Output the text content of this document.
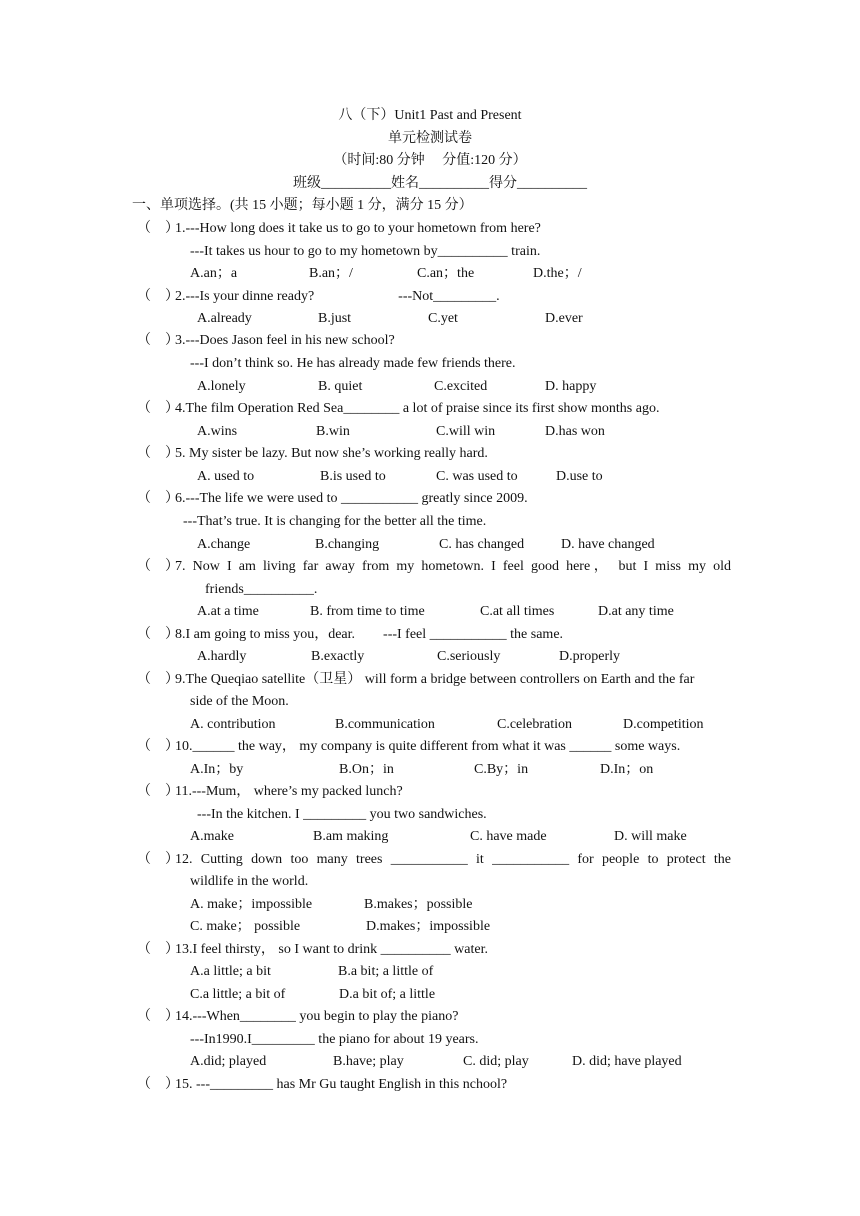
八（下）Unit1 Past and Present
单元检测试卷
（时间:80 分钟　 分值:120 分）
班级__________姓名__________得分__________
一、单项选择。(共 15 小题；每小题 1 分，满分 15 分）
（　）1.---How long does it take us to go to your hometown from here?
---It takes us hour to go to my hometown by__________ train.
A.an；a	B.an；/	C.an；the	D.the；/
（　）2.---Is your dinne ready?　　　　　　---Not_________.
A.already	B.just	C.yet	D.ever
（　）3.---Does Jason feel in his new school?
---I don’t think so. He has already made few friends there.
A.lonely	B. quiet	C.excited	D. happy
（　）4.The film Operation Red Sea________ a lot of praise since its first show months ago.
A.wins	B.win	C.will win	D.has won
（　）5. My sister be lazy. But now she’s working really hard.
A. used to	B.is used to	C. was used to	D.use to
（　）6.---The life we were used to ___________ greatly since 2009.
---That’s true. It is changing for the better all the time.
A.change	B.changing	C. has changed	D. have changed
（　）7. Now I am living far away from my hometown. I feel good here， but I miss my old
friends__________.
A.at a time	B. from time to time	C.at all times	D.at any time
（　）8.I am going to miss you，dear.　　---I feel ___________ the same.
A.hardly	B.exactly	C.seriously	D.properly
（　）9.The Queqiao satellite（卫星） will form a bridge between controllers on Earth and the far
side of the Moon.
A. contribution	B.communication	C.celebration	D.competition
（　）10.______ the way， my company is quite different from what it was ______ some ways.
A.In；by	B.On；in	C.By；in	D.In；on
（　）11.---Mum， where’s my packed lunch?
---In the kitchen. I _________ you two sandwiches.
A.make	B.am making	C. have made	D. will make
（　）12. Cutting down too many trees ___________ it ___________ for people to protect the
wildlife in the world.
A. make；impossible	B.makes；possible
C. make； possible	D.makes；impossible
（　）13.I feel thirsty， so I want to drink __________ water.
A.a little; a bit	B.a bit; a little of
C.a little; a bit of	D.a bit of; a little
（　）14.---When________ you begin to play the piano?
---In1990.I_________ the piano for about 19 years.
A.did; played	B.have; play	C. did; play	D. did; have played
（　）15. ---_________ has Mr Gu taught English in this nchool?
